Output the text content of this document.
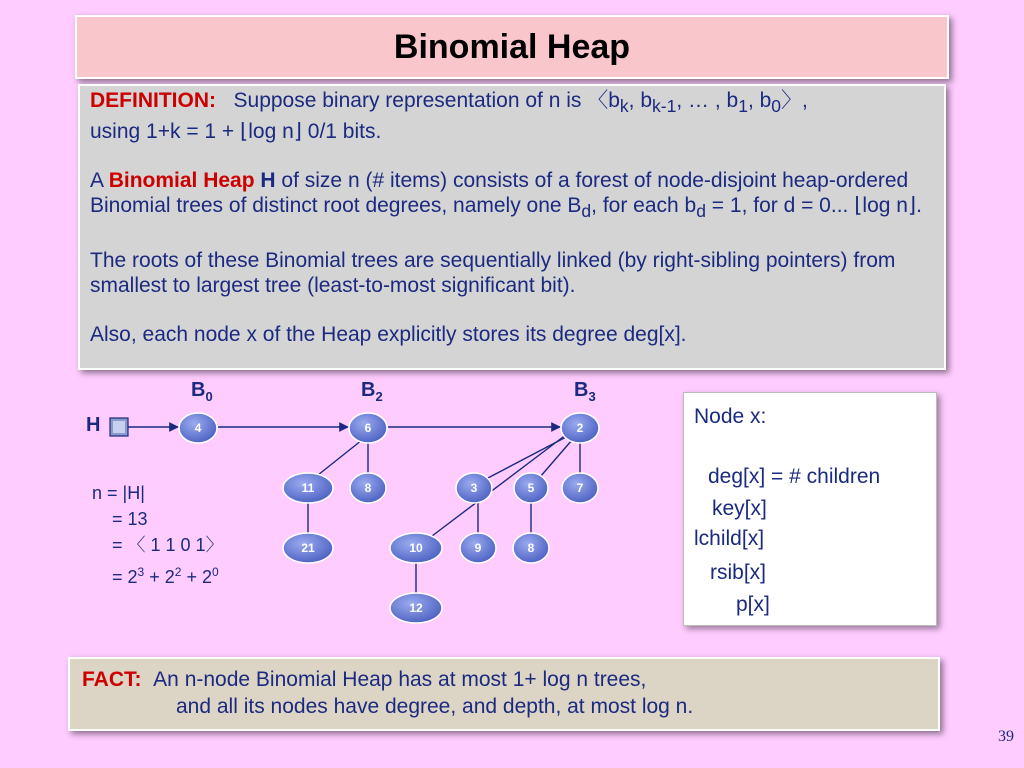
Binomial Heap

DEFINITION: Suppose binary representation of n is 〈$b_k$, $b_{k-1}$, … , $b_1$, $b_0$〉,
using 1+k = 1 + ⌊log n⌋ 0/1 bits.

A Binomial Heap H of size n (# items) consists of a forest of node-disjoint heap-ordered Binomial trees of distinct root degrees, namely one $B_d$, for each $b_d = 1$, for d = 0... ⌊log n⌋.

The roots of these Binomial trees are sequentially linked (by right-sibling pointers) from smallest to largest tree (least-to-most significant bit).

Also, each node x of the Heap explicitly stores its degree deg[x].

$B_0$	$B_2$	$B_3$
H	4	6
11	8
21
2
3	5	7
10	9	8
12
n = |H|
= 13
= 〈 1 1 0 1〉
= $2^3 + 2^2 + 2^0$
Node x:
deg[x] = # children
key[x]
lchild[x]
rsib[x]
p[x]
FACT: An n-node Binomial Heap has at most 1+ log n trees,
and all its nodes have degree, and depth, at most log n.
39
